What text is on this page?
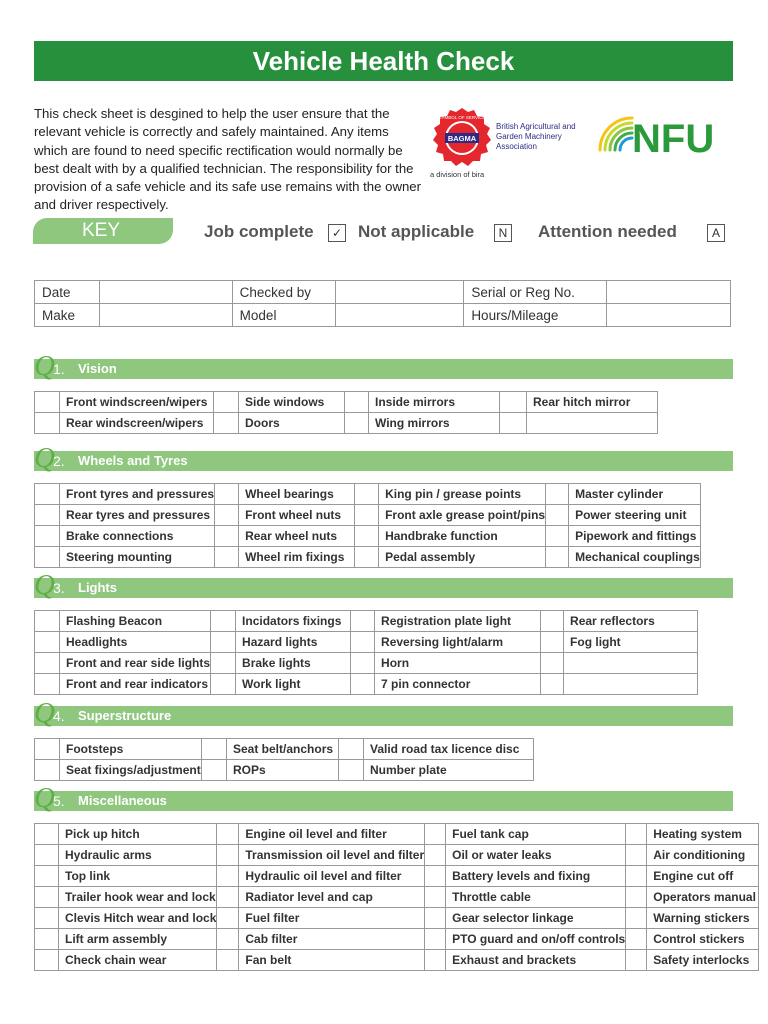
Vehicle Health Check

This check sheet is desgined to help the user ensure that the relevant vehicle is correctly and safely maintained. Any items which are found to need specific rectification would normally be best dealt with by a qualified technician. The responsibility for the provision of a safe vehicle and its safe use remains with the owner and driver respectively.

BAGMA
SYMBOL OF SERVICE
British Agricultural and Garden Machinery Association
a division of bira
NFU
KEY	Job complete	✓ Not applicable	N Attention needed	A
Date		Checked by		Serial or Reg No.	
Make		Model		Hours/Mileage	
Q
1. Vision
	Front windscreen/wipers		Side windows		Inside mirrors		Rear hitch mirror
	Rear windscreen/wipers		Doors		Wing mirrors		
Q
2. Wheels and Tyres
	Front tyres and pressures		Wheel bearings		King pin / grease points		Master cylinder
	Rear tyres and pressures		Front wheel nuts		Front axle grease point/pins		Power steering unit
	Brake connections		Rear wheel nuts		Handbrake function		Pipework and fittings
	Steering mounting		Wheel rim fixings		Pedal assembly		Mechanical couplings
Q
3. Lights
	Flashing Beacon		Incidators fixings		Registration plate light		Rear reflectors
	Headlights		Hazard lights		Reversing light/alarm		Fog light
	Front and rear side lights		Brake lights		Horn		
	Front and rear indicators		Work light		7 pin connector		
Q
4. Superstructure
	Footsteps		Seat belt/anchors		Valid road tax licence disc
	Seat fixings/adjustment		ROPs		Number plate
Q
5. Miscellaneous
	Pick up hitch		Engine oil level and filter		Fuel tank cap		Heating system
	Hydraulic arms		Transmission oil level and filter		Oil or water leaks		Air conditioning
	Top link		Hydraulic oil level and filter		Battery levels and fixing		Engine cut off
	Trailer hook wear and lock		Radiator level and cap		Throttle cable		Operators manual
	Clevis Hitch wear and lock		Fuel filter		Gear selector linkage		Warning stickers
	Lift arm assembly		Cab filter		PTO guard and on/off controls		Control stickers
	Check chain wear		Fan belt		Exhaust and brackets		Safety interlocks
